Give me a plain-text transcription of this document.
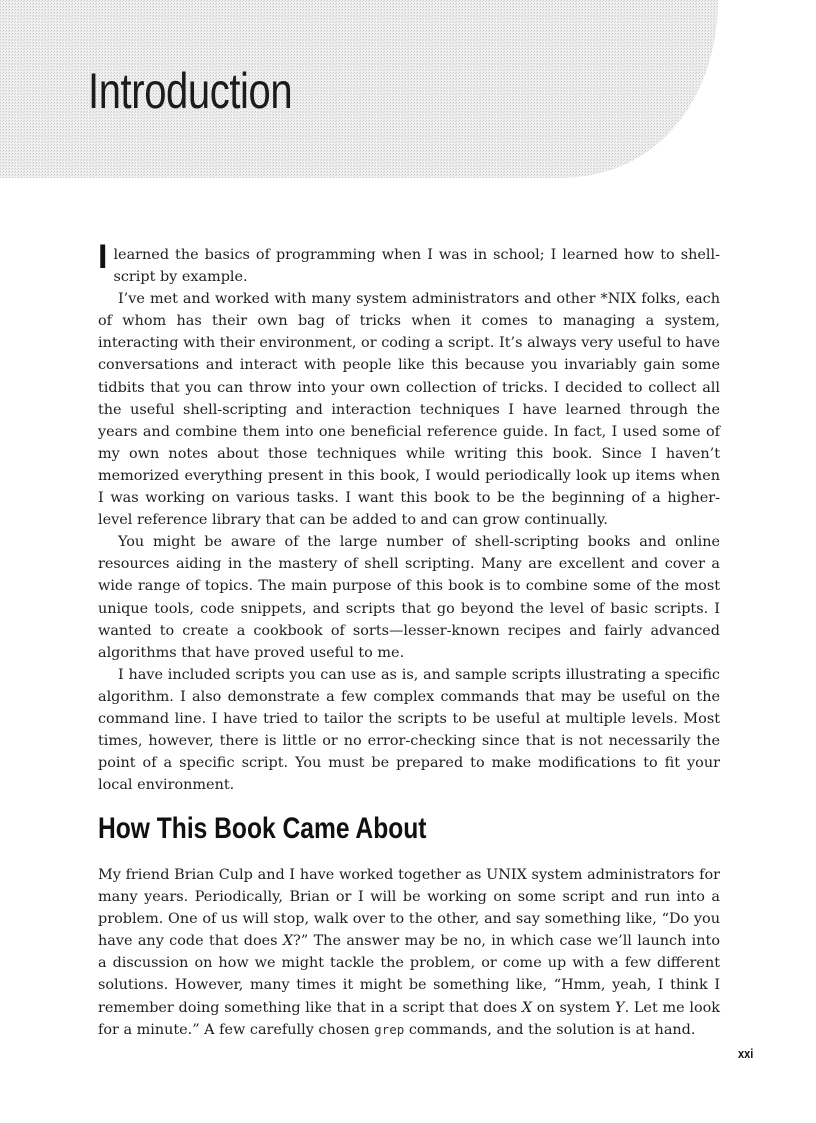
Introduction

Ilearned the basics of programming when I was in school; I learned how to shell-script by example.

I’ve met and worked with many system administrators and other *NIX folks, each of whom has their own bag of tricks when it comes to managing a system, interacting with their environment, or coding a script. It’s always very useful to have conversations and interact with people like this because you invariably gain some tidbits that you can throw into your own collection of tricks. I decided to collect all the useful shell-scripting and interaction techniques I have learned through the years and combine them into one beneficial reference guide. In fact, I used some of my own notes about those techniques while writing this book. Since I haven’t memorized everything present in this book, I would periodically look up items when I was working on various tasks. I want this book to be the beginning of a higher-level reference library that can be added to and can grow continually.

You might be aware of the large number of shell-scripting books and online resources aiding in the mastery of shell scripting. Many are excellent and cover a wide range of topics. The main purpose of this book is to combine some of the most unique tools, code snippets, and scripts that go beyond the level of basic scripts. I wanted to create a cookbook of sorts—lesser-known recipes and fairly advanced algorithms that have proved useful to me.

I have included scripts you can use as is, and sample scripts illustrating a specific algorithm. I also demonstrate a few complex commands that may be useful on the command line. I have tried to tailor the scripts to be useful at multiple levels. Most times, however, there is little or no error-checking since that is not necessarily the point of a specific script. You must be prepared to make modifications to fit your local environment.

How This Book Came About

My friend Brian Culp and I have worked together as UNIX system administrators for many years. Periodically, Brian or I will be working on some script and run into a problem. One of us will stop, walk over to the other, and say something like, “Do you have any code that does X?” The answer may be no, in which case we’ll launch into a discussion on how we might tackle the problem, or come up with a few different solutions. However, many times it might be something like, “Hmm, yeah, I think I remember doing something like that in a script that does X on system Y. Let me look for a minute.” A few carefully chosen grep commands, and the solution is at hand.

xxi
